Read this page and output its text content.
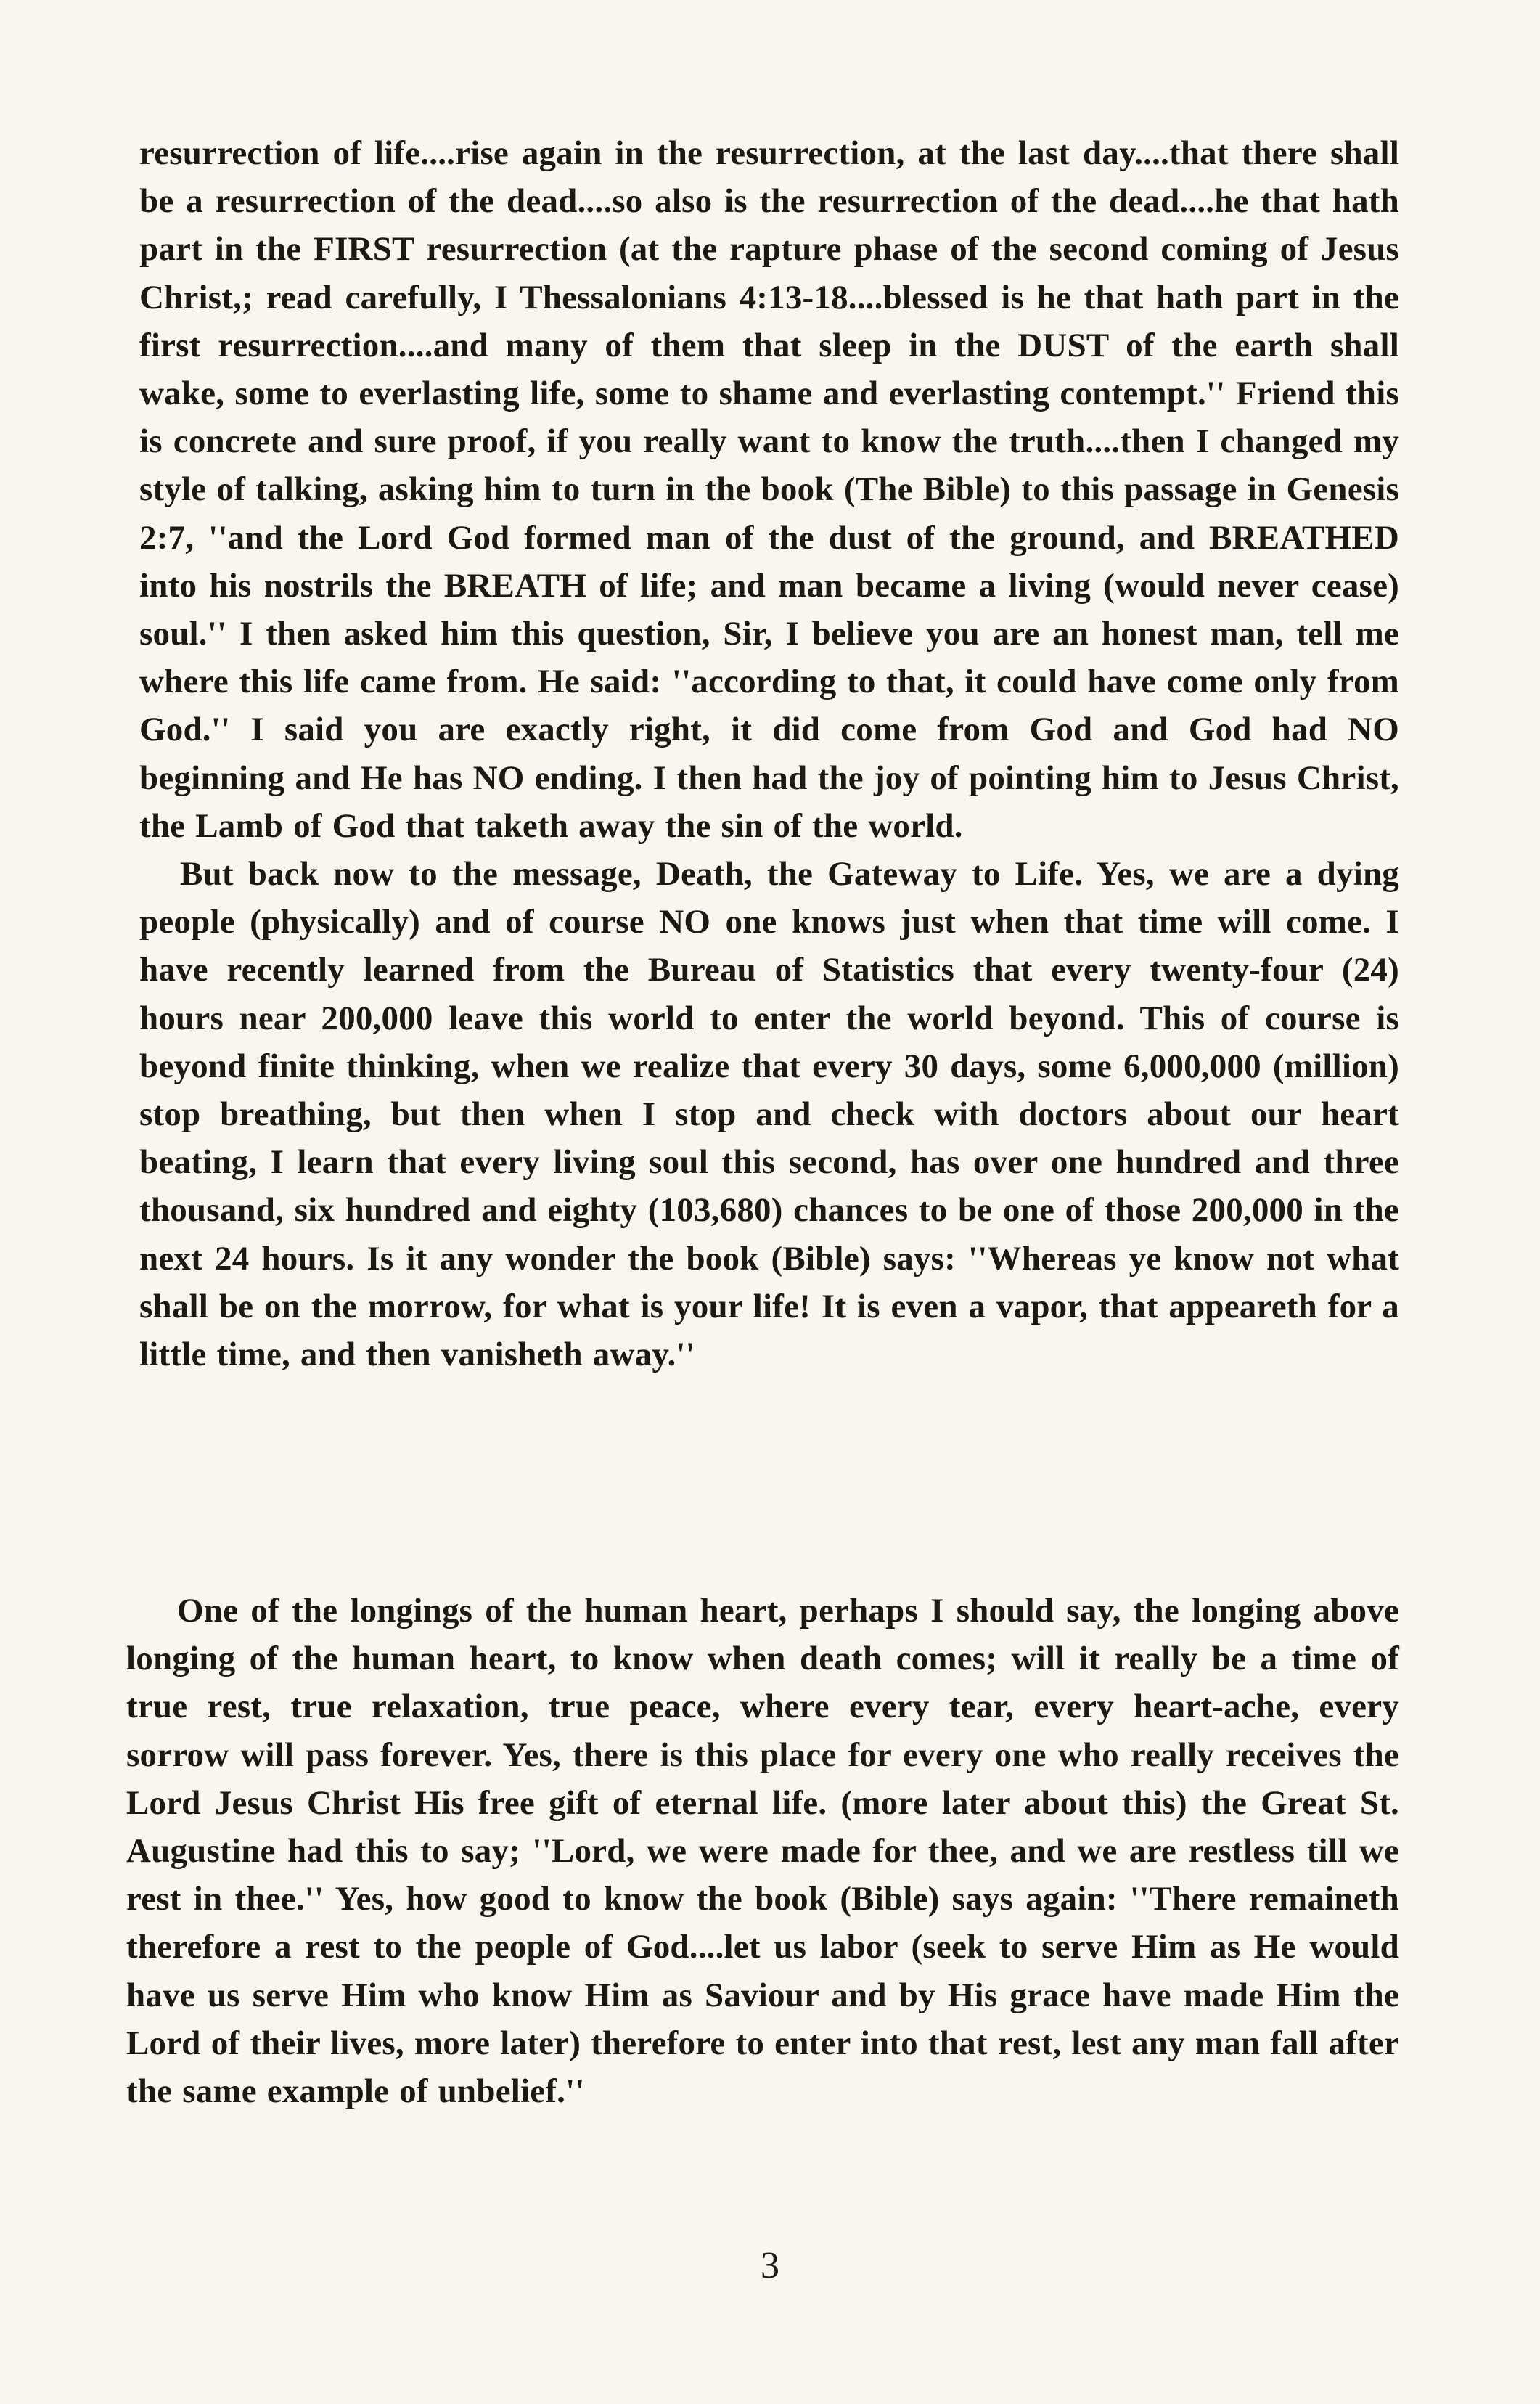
resurrection of life....rise again in the resurrection, at the last day....that there shall be a resurrection of the dead....so also is the resurrection of the dead....he that hath part in the FIRST resurrection (at the rapture phase of the second coming of Jesus Christ,; read carefully, I Thessalonians 4:13-18....blessed is he that hath part in the first resurrection....and many of them that sleep in the DUST of the earth shall wake, some to everlasting life, some to shame and everlasting contempt.'' Friend this is concrete and sure proof, if you really want to know the truth....then I changed my style of talking, asking him to turn in the book (The Bible) to this passage in Genesis 2:7, ''and the Lord God formed man of the dust of the ground, and BREATHED into his nostrils the BREATH of life; and man became a living (would never cease) soul.'' I then asked him this question, Sir, I believe you are an honest man, tell me where this life came from. He said: ''according to that, it could have come only from God.'' I said you are exactly right, it did come from God and God had NO beginning and He has NO ending. I then had the joy of pointing him to Jesus Christ, the Lamb of God that taketh away the sin of the world.

But back now to the message, Death, the Gateway to Life. Yes, we are a dying people (physically) and of course NO one knows just when that time will come. I have recently learned from the Bureau of Statistics that every twenty-four (24) hours near 200,000 leave this world to enter the world beyond. This of course is beyond finite thinking, when we realize that every 30 days, some 6,000,000 (million) stop breathing, but then when I stop and check with doctors about our heart beating, I learn that every living soul this second, has over one hundred and three thousand, six hundred and eighty (103,680) chances to be one of those 200,000 in the next 24 hours. Is it any wonder the book (Bible) says: ''Whereas ye know not what shall be on the morrow, for what is your life! It is even a vapor, that appeareth for a little time, and then vanisheth away.''

One of the longings of the human heart, perhaps I should say, the longing above longing of the human heart, to know when death comes; will it really be a time of true rest, true relaxation, true peace, where every tear, every heart-ache, every sorrow will pass forever. Yes, there is this place for every one who really receives the Lord Jesus Christ His free gift of eternal life. (more later about this) the Great St. Augustine had this to say; ''Lord, we were made for thee, and we are restless till we rest in thee.'' Yes, how good to know the book (Bible) says again: ''There remaineth therefore a rest to the people of God....let us labor (seek to serve Him as He would have us serve Him who know Him as Saviour and by His grace have made Him the Lord of their lives, more later) therefore to enter into that rest, lest any man fall after the same example of unbelief.''

3
